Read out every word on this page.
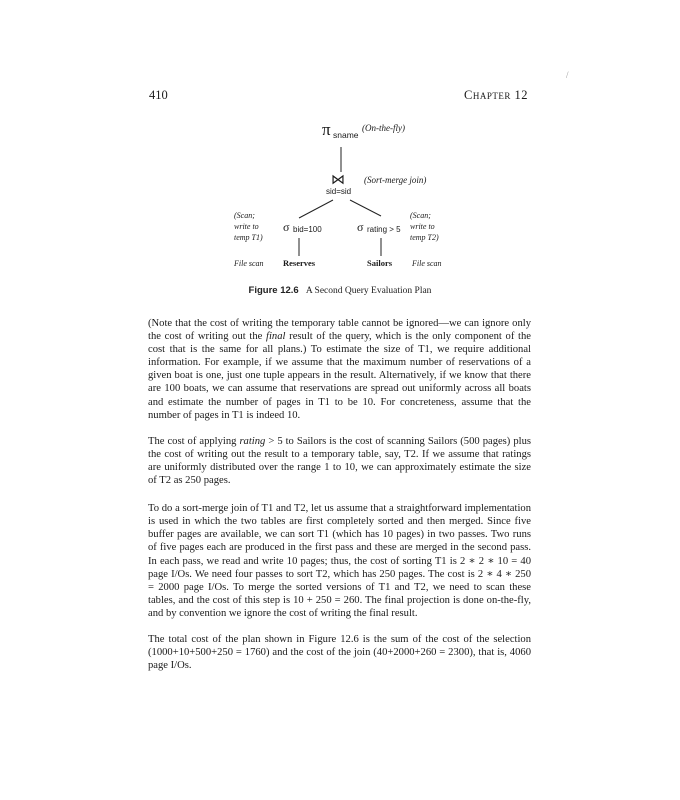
410	Chapter 12
/
π sname
(On-the-fly)
⋈
sid=sid
(Sort-merge join)
(Scan;
write to
temp T1)
(Scan;
write to
temp T2)
σ bid=100	σ rating > 5
File scan Reserves	Sailors File scan
Figure 12.6 A Second Query Evaluation Plan

(Note that the cost of writing the temporary table cannot be ignored—we can ignore only the cost of writing out the final result of the query, which is the only component of the cost that is the same for all plans.) To estimate the size of T1, we require additional information. For example, if we assume that the maximum number of reservations of a given boat is one, just one tuple appears in the result. Alternatively, if we know that there are 100 boats, we can assume that reservations are spread out uniformly across all boats and estimate the number of pages in T1 to be 10. For concreteness, assume that the number of pages in T1 is indeed 10.

The cost of applying rating > 5 to Sailors is the cost of scanning Sailors (500 pages) plus the cost of writing out the result to a temporary table, say, T2. If we assume that ratings are uniformly distributed over the range 1 to 10, we can approximately estimate the size of T2 as 250 pages.

To do a sort-merge join of T1 and T2, let us assume that a straightforward implementation is used in which the two tables are first completely sorted and then merged. Since five buffer pages are available, we can sort T1 (which has 10 pages) in two passes. Two runs of five pages each are produced in the first pass and these are merged in the second pass. In each pass, we read and write 10 pages; thus, the cost of sorting T1 is 2 ∗ 2 ∗ 10 = 40 page I/Os. We need four passes to sort T2, which has 250 pages. The cost is 2 ∗ 4 ∗ 250 = 2000 page I/Os. To merge the sorted versions of T1 and T2, we need to scan these tables, and the cost of this step is 10 + 250 = 260. The final projection is done on-the-fly, and by convention we ignore the cost of writing the final result.

The total cost of the plan shown in Figure 12.6 is the sum of the cost of the selection (1000+10+500+250 = 1760) and the cost of the join (40+2000+260 = 2300), that is, 4060 page I/Os.
